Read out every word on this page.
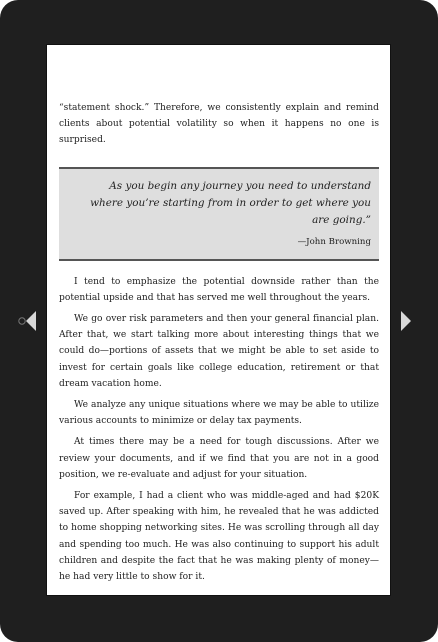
“statement shock.” Therefore, we consistently explain and remind clients about potential volatility so when it happens no one is surprised.

As you begin any journey you need to understand where you’re starting from in order to get where you are going.”
—John Browning

I tend to emphasize the potential downside rather than the potential upside and that has served me well throughout the years.

We go over risk parameters and then your general financial plan. After that, we start talking more about interesting things that we could do—portions of assets that we might be able to set aside to invest for certain goals like college education, retirement or that dream vacation home.

We analyze any unique situations where we may be able to utilize various accounts to minimize or delay tax payments.

At times there may be a need for tough discussions. After we review your documents, and if we find that you are not in a good position, we re-evaluate and adjust for your situation.

For example, I had a client who was middle-aged and had $20K saved up. After speaking with him, he revealed that he was addicted to home shopping networking sites. He was scrolling through all day and spending too much. He was also continuing to support his adult children and despite the fact that he was making plenty of money—he had very little to show for it.
